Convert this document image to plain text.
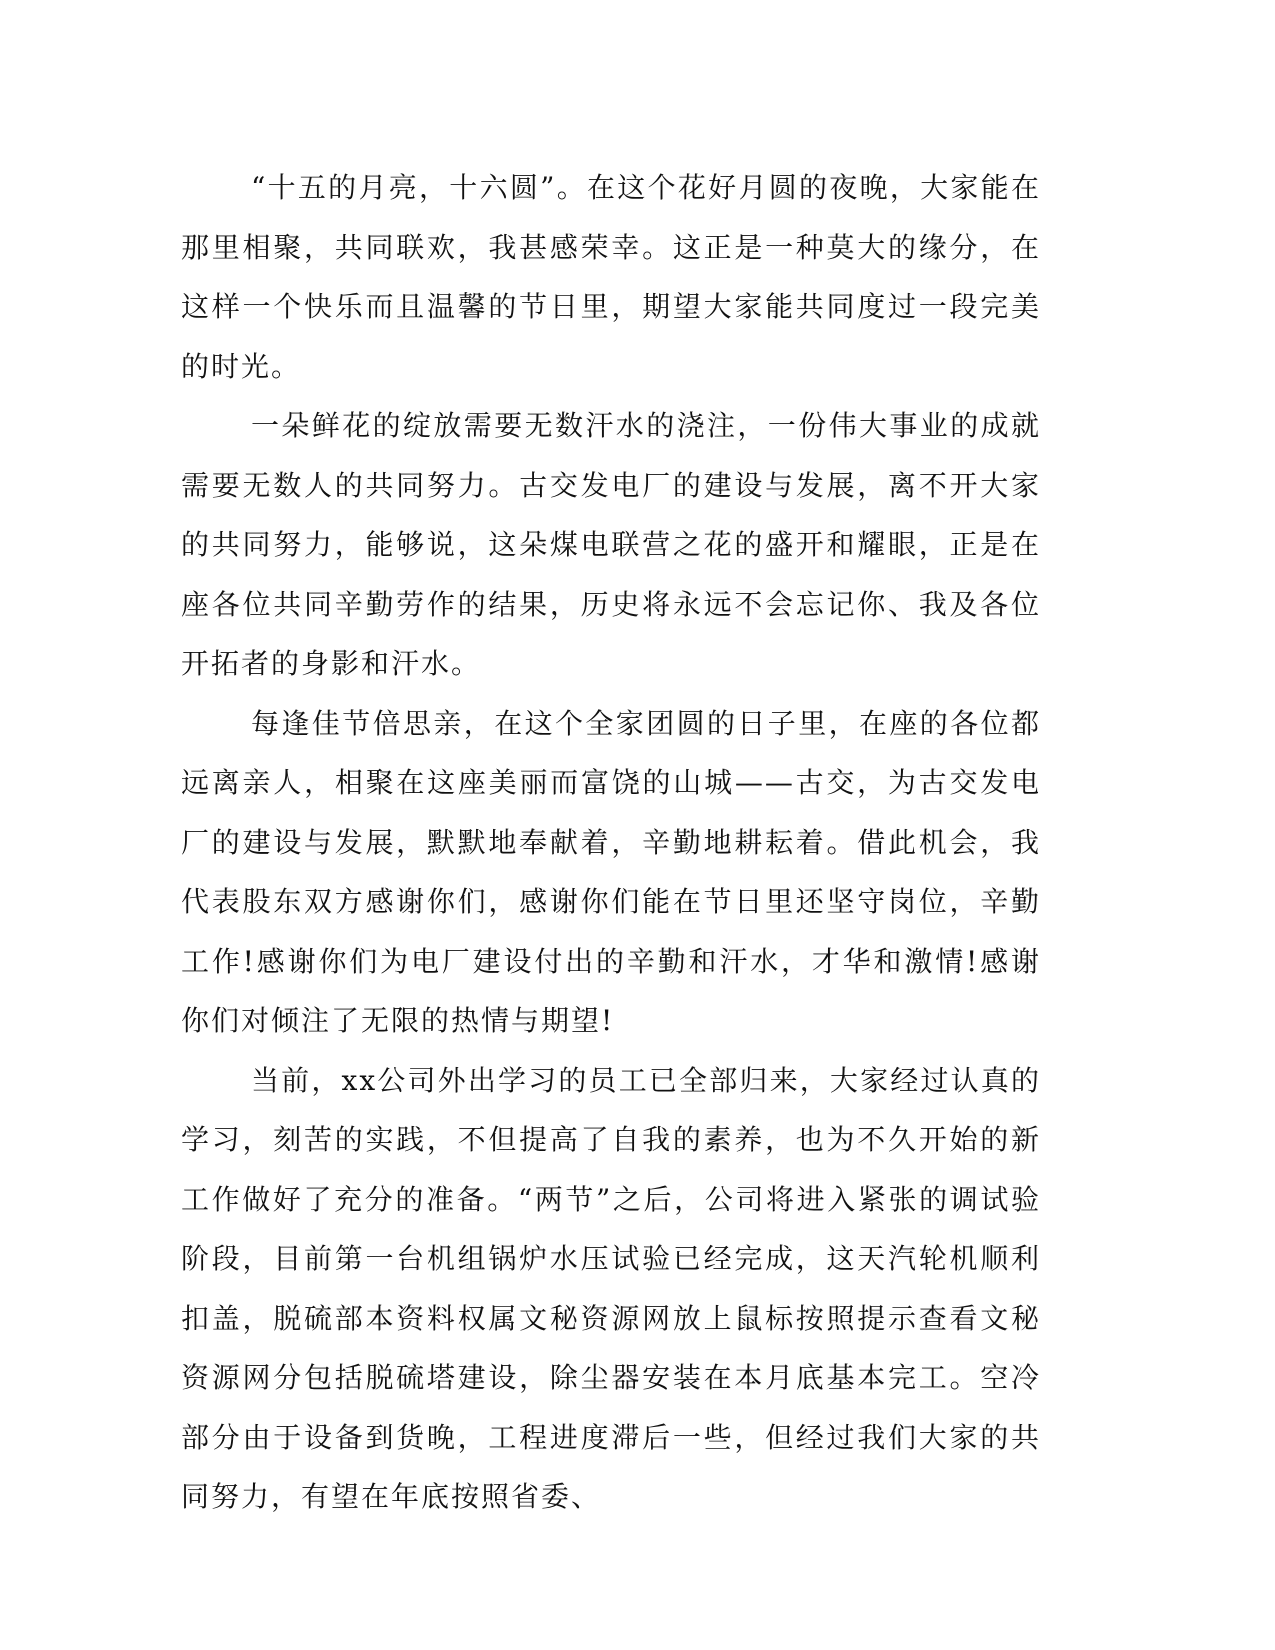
“十五的月亮，十六圆”。在这个花好月圆的夜晚，大家能在那里相聚，共同联欢，我甚感荣幸。这正是一种莫大的缘分，在这样一个快乐而且温馨的节日里，期望大家能共同度过一段完美的时光。

一朵鲜花的绽放需要无数汗水的浇注，一份伟大事业的成就需要无数人的共同努力。古交发电厂的建设与发展，离不开大家的共同努力，能够说，这朵煤电联营之花的盛开和耀眼，正是在座各位共同辛勤劳作的结果，历史将永远不会忘记你、我及各位开拓者的身影和汗水。

每逢佳节倍思亲，在这个全家团圆的日子里，在座的各位都远离亲人，相聚在这座美丽而富饶的山城——古交，为古交发电厂的建设与发展，默默地奉献着，辛勤地耕耘着。借此机会，我代表股东双方感谢你们，感谢你们能在节日里还坚守岗位，辛勤工作!感谢你们为电厂建设付出的辛勤和汗水，才华和激情!感谢你们对倾注了无限的热情与期望!

当前，xx公司外出学习的员工已全部归来，大家经过认真的学习，刻苦的实践，不但提高了自我的素养，也为不久开始的新工作做好了充分的准备。“两节”之后，公司将进入紧张的调试验阶段，目前第一台机组锅炉水压试验已经完成，这天汽轮机顺利扣盖，脱硫部本资料权属文秘资源网放上鼠标按照提示查看文秘资源网分包括脱硫塔建设，除尘器安装在本月底基本完工。空冷部分由于设备到货晚，工程进度滞后一些，但经过我们大家的共同努力，有望在年底按照省委、
